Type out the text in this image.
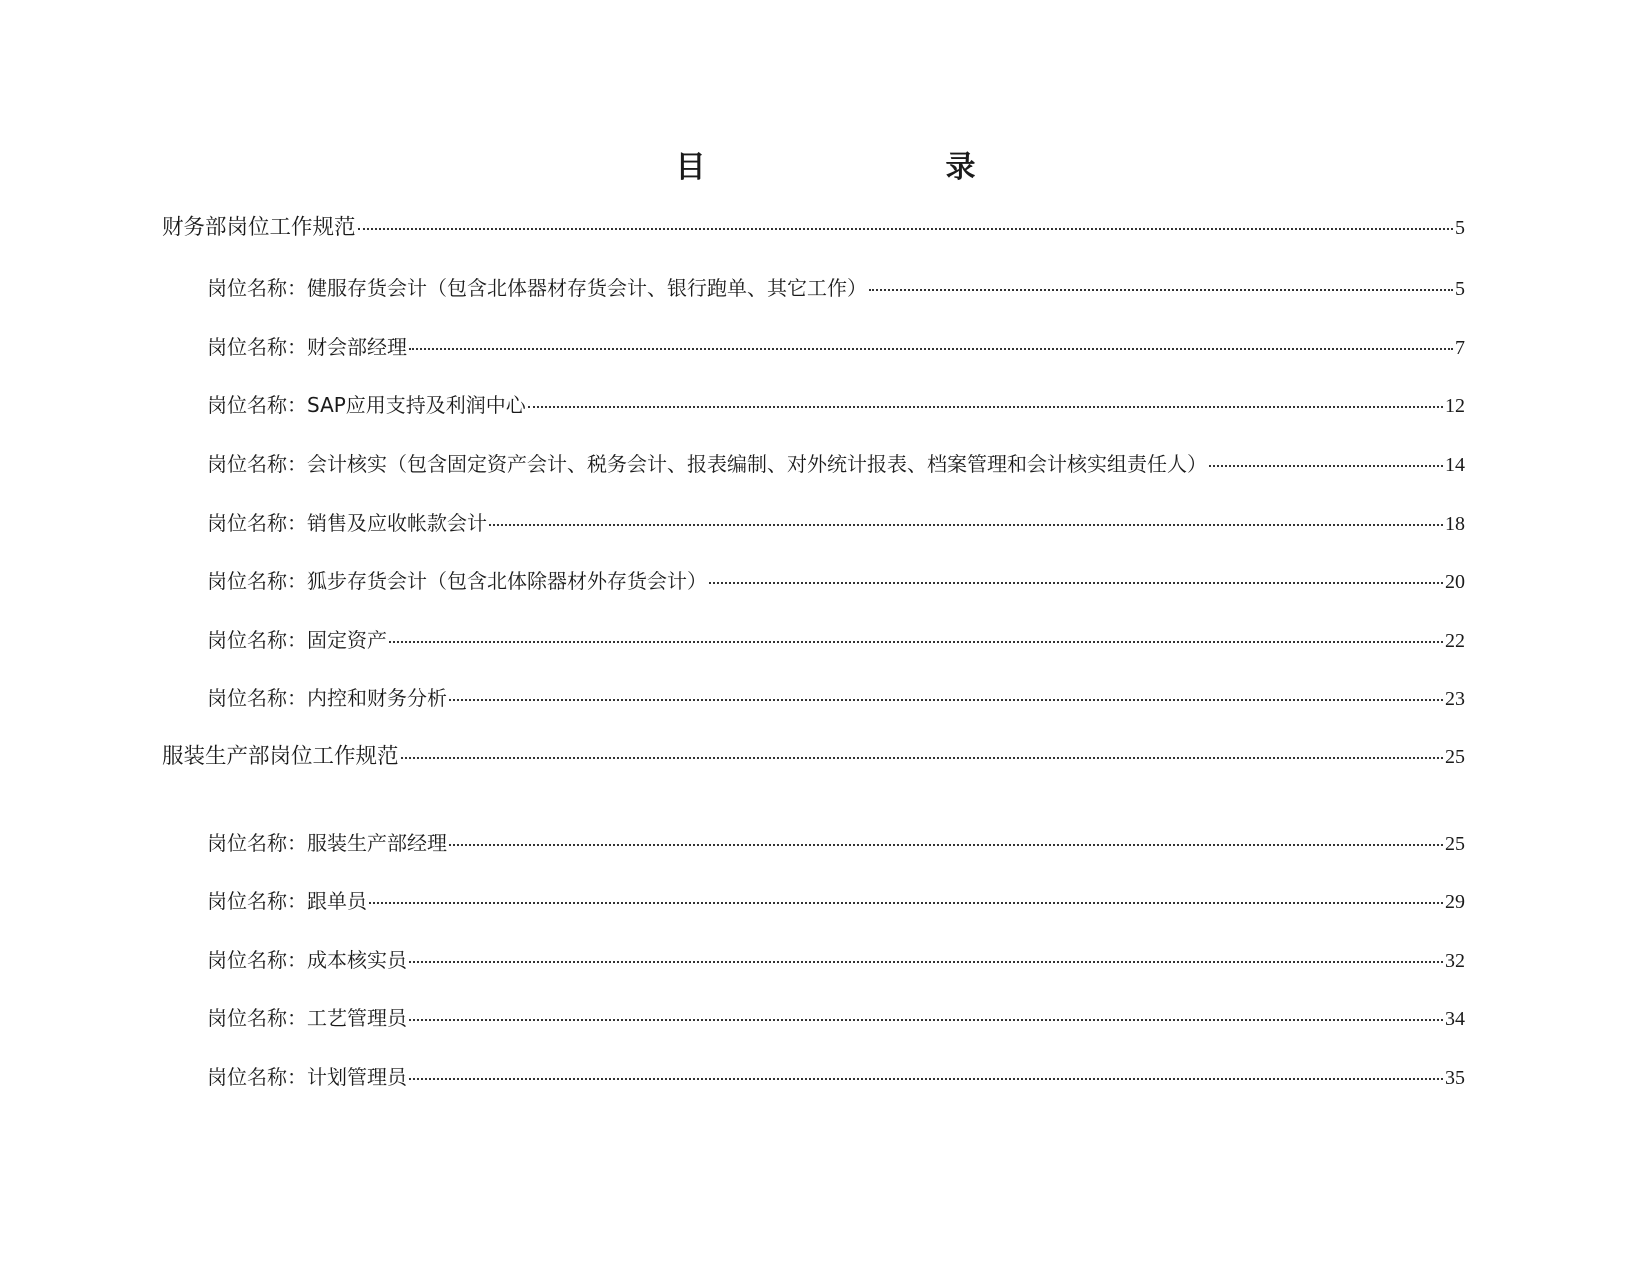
目　　录
财务部岗位工作规范	5
岗位名称：健服存货会计（包含北体器材存货会计、银行跑单、其它工作）	5
岗位名称：财会部经理	7
岗位名称：SAP应用支持及利润中心	12
岗位名称：会计核实（包含固定资产会计、税务会计、报表编制、对外统计报表、档案管理和会计核实组责任人）	14
岗位名称：销售及应收帐款会计	18
岗位名称：狐步存货会计（包含北体除器材外存货会计）	20
岗位名称：固定资产	22
岗位名称：内控和财务分析	23
服装生产部岗位工作规范	25
岗位名称：服装生产部经理	25
岗位名称：跟单员	29
岗位名称：成本核实员	32
岗位名称：工艺管理员	34
岗位名称：计划管理员	35
